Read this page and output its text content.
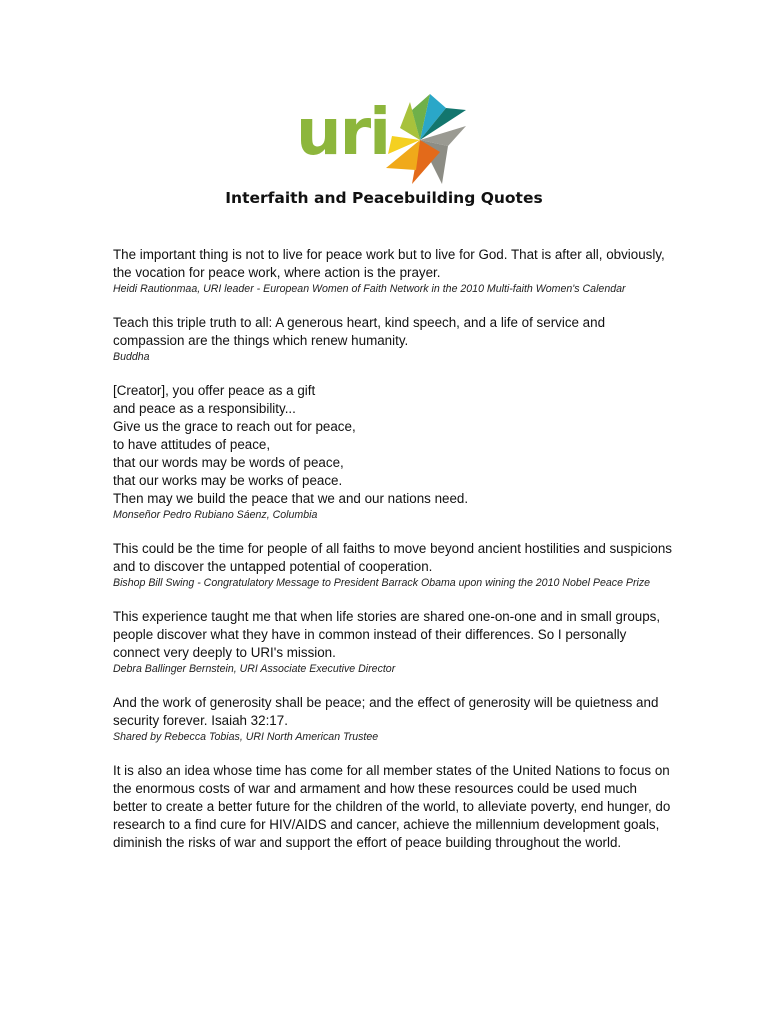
uri
Interfaith and Peacebuilding Quotes
The important thing is not to live for peace work but to live for God. That is after all, obviously, the vocation for peace work, where action is the prayer.
Heidi Rautionmaa, URI leader - European Women of Faith Network in the 2010 Multi-faith Women's Calendar
Teach this triple truth to all: A generous heart, kind speech, and a life of service and compassion are the things which renew humanity.
Buddha
[Creator], you offer peace as a gift
and peace as a responsibility...
Give us the grace to reach out for peace,
to have attitudes of peace,
that our words may be words of peace,
that our works may be works of peace.
Then may we build the peace that we and our nations need.
Monseñor Pedro Rubiano Sáenz, Columbia
This could be the time for people of all faiths to move beyond ancient hostilities and suspicions and to discover the untapped potential of cooperation.
Bishop Bill Swing - Congratulatory Message to President Barrack Obama upon wining the 2010 Nobel Peace Prize
This experience taught me that when life stories are shared one-on-one and in small groups, people discover what they have in common instead of their differences. So I personally connect very deeply to URI's mission.
Debra Ballinger Bernstein, URI Associate Executive Director
And the work of generosity shall be peace; and the effect of generosity will be quietness and security forever. Isaiah 32:17.
Shared by Rebecca Tobias, URI North American Trustee
It is also an idea whose time has come for all member states of the United Nations to focus on the enormous costs of war and armament and how these resources could be used much better to create a better future for the children of the world, to alleviate poverty, end hunger, do research to a find cure for HIV/AIDS and cancer, achieve the millennium development goals, diminish the risks of war and support the effort of peace building throughout the world.
